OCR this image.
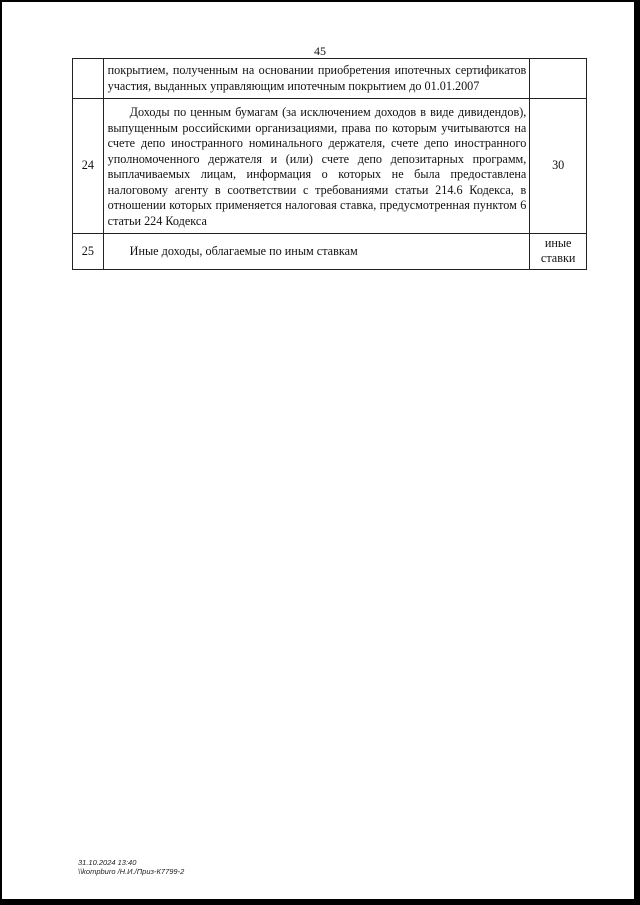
45

	покрытием, полученным на основании приобретения ипотечных сертификатов участия, выданных управляющим ипотечным покрытием до 01.01.2007	

24	Доходы по ценным бумагам (за исключением доходов в виде дивидендов), выпущенным российскими организациями, права по которым учитываются на счете депо иностранного номинального держателя, счете депо иностранного уполномоченного держателя и (или) счете депо депозитарных программ, выплачиваемых лицам, информация о которых не была предоставлена налоговому агенту в соответствии с требованиями статьи 214.6 Кодекса, в отношении которых применяется налоговая ставка, предусмотренная пунктом 6 статьи 224 Кодекса	30
25	Иные доходы, облагаемые по иным ставкам	иные ставки
31.10.2024 13:40
\\kompburo /Н.И./Приз-К7799-2
